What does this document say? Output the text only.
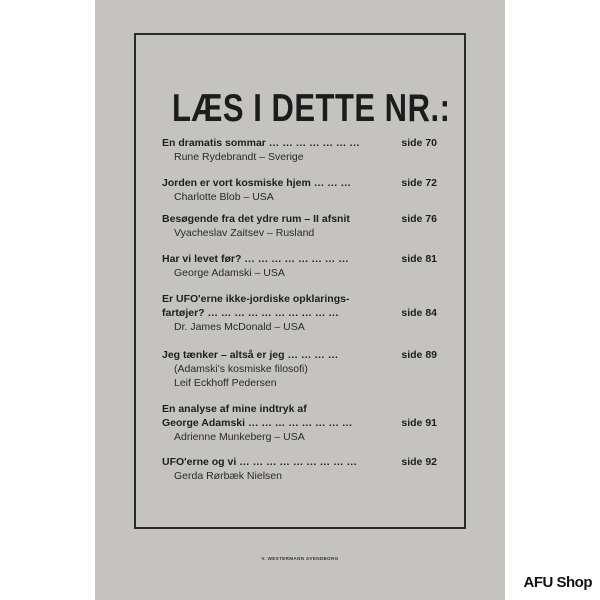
LÆS I DETTE NR.:
En dramatis sommar … … … … … … …	side 70
Rune Rydebrandt – Sverige
Jorden er vort kosmiske hjem … … …	side 72
Charlotte Blob – USA
Besøgende fra det ydre rum – II afsnit	side 76
Vyacheslav Zaitsev – Rusland
Har vi levet før? … … … … … … … …	side 81
George Adamski – USA
Er UFO'erne ikke-jordiske opklarings-
fartøjer? … … … … … … … … … …	side 84
Dr. James McDonald – USA
Jeg tænker – altså er jeg … … … …	side 89
(Adamski's kosmiske filosofi)
Leif Eckhoff Pedersen
En analyse af mine indtryk af
George Adamski … … … … … … … …	side 91
Adrienne Munkeberg – USA
UFO'erne og vi … … … … … … … … …	side 92
Gerda Rørbæk Nielsen
V. WESTERMANN SVENDBORG
AFU Shop
